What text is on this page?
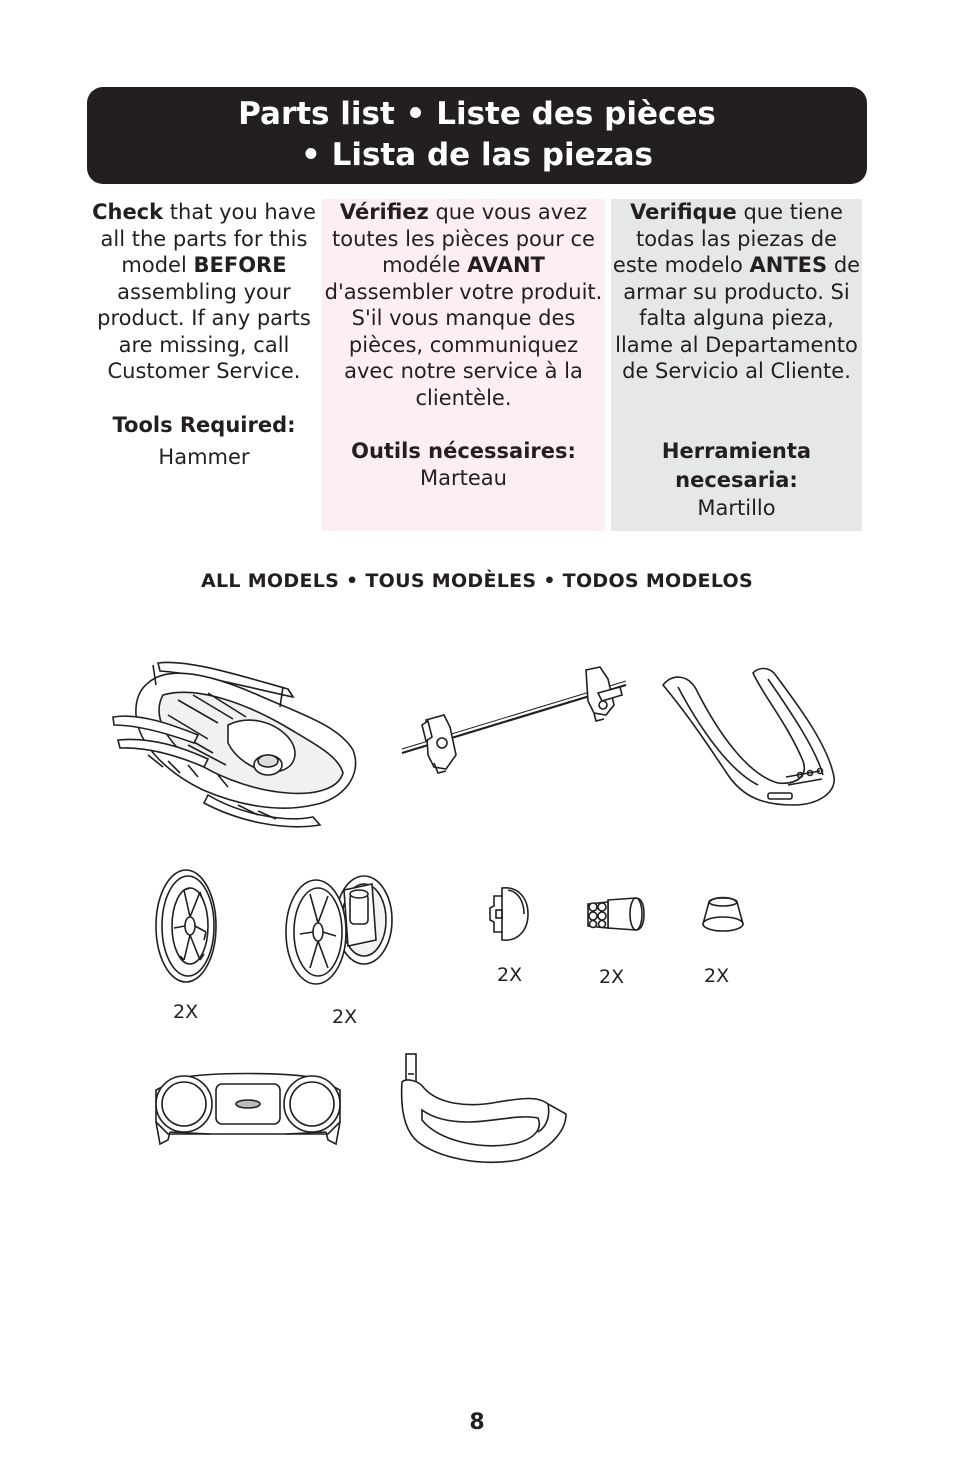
Parts list • Liste des pièces
• Lista de las piezas
Check that you have all the parts for this model BEFORE assembling your product. If any parts are missing, call Customer Service.
Tools Required:
Hammer
Vérifiez que vous avez toutes les pièces pour ce modéle AVANT d'assembler votre produit. S'il vous manque des pièces, communiquez avec notre service à la clientèle.
Outils nécessaires:
Marteau
Verifique que tiene todas las piezas de este modelo ANTES de armar su producto. Si falta alguna pieza, llame al Departamento de Servicio al Cliente.
Herramienta necesaria:
Martillo
ALL MODELS • TOUS MODÈLES • TODOS MODELOS
2X	2X
2X	2X	2X
8
